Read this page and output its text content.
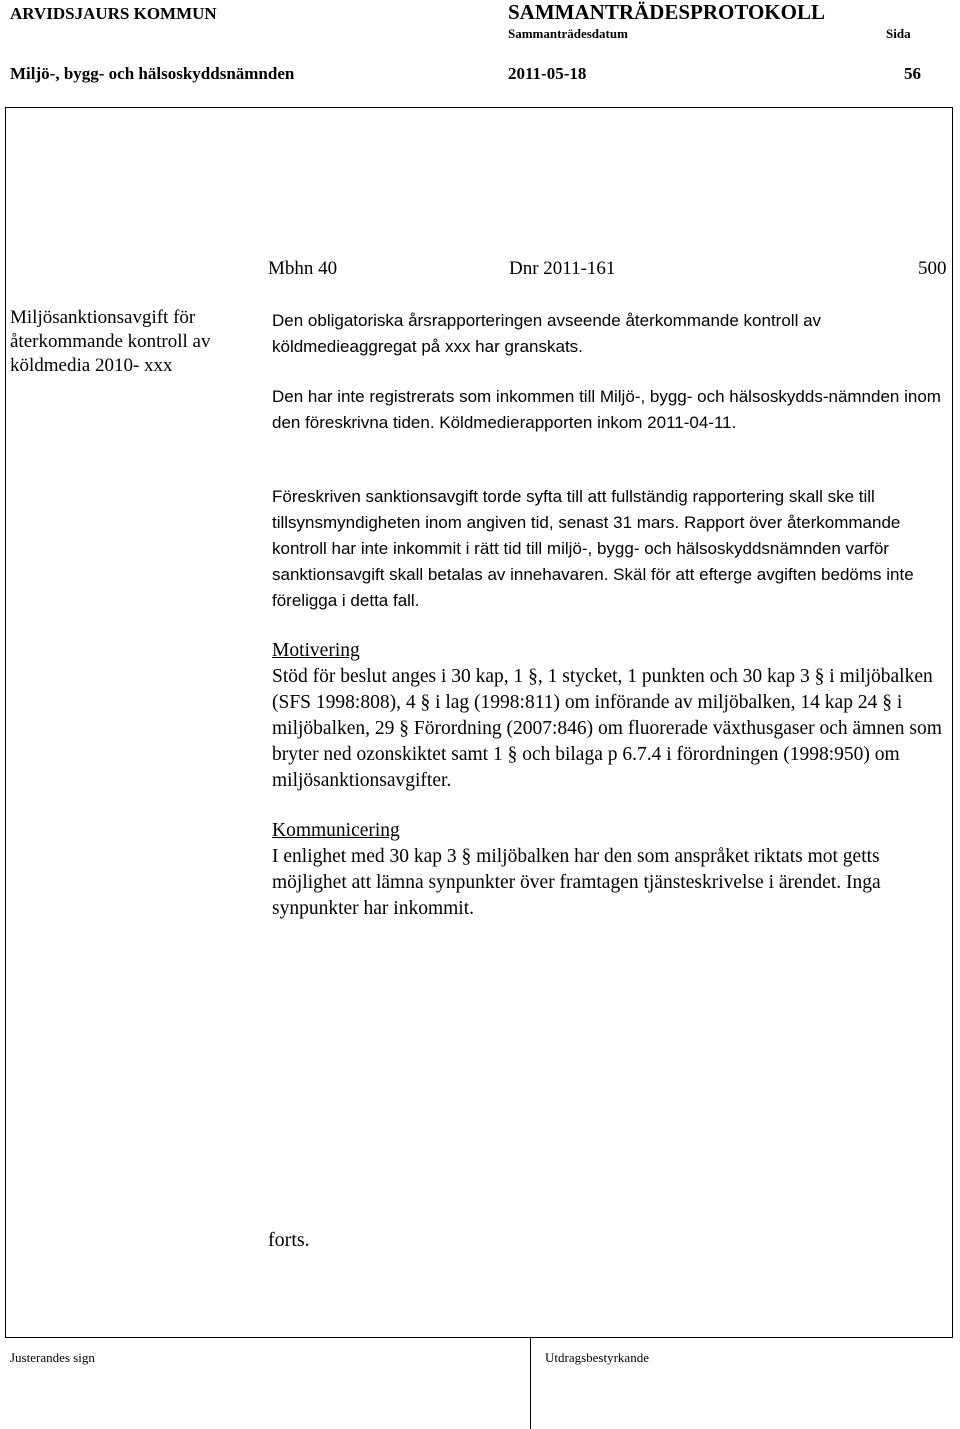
ARVIDSJAURS KOMMUN	SAMMANTRÄDESPROTOKOLL
Sammanträdesdatum	Sida
Miljö-, bygg- och hälsoskyddsnämnden	2011-05-18	56
Mbhn 40	Dnr 2011-161	500
Miljösanktionsavgift för
återkommande kontroll av
köldmedia 2010- xxx

Den obligatoriska årsrapporteringen avseende återkommande kontroll av köldmedieaggregat på xxx har granskats.

Den har inte registrerats som inkommen till Miljö-, bygg- och hälsoskydds-nämnden inom den föreskrivna tiden. Köldmedierapporten inkom 2011-04-11.

Föreskriven sanktionsavgift torde syfta till att fullständig rapportering skall ske till tillsynsmyndigheten inom angiven tid, senast 31 mars. Rapport över återkommande kontroll har inte inkommit i rätt tid till miljö-, bygg- och hälsoskyddsnämnden varför sanktionsavgift skall betalas av innehavaren. Skäl för att efterge avgiften bedöms inte föreligga i detta fall.

Motivering

Stöd för beslut anges i 30 kap, 1 §, 1 stycket, 1 punkten och 30 kap 3 § i miljöbalken (SFS 1998:808), 4 § i lag (1998:811) om införande av miljöbalken, 14 kap 24 § i miljöbalken, 29 § Förordning (2007:846) om fluorerade växthusgaser och ämnen som bryter ned ozonskiktet samt 1 § och bilaga p 6.7.4 i förordningen (1998:950) om miljösanktionsavgifter.

Kommunicering

I enlighet med 30 kap 3 § miljöbalken har den som anspråket riktats mot getts möjlighet att lämna synpunkter över framtagen tjänsteskrivelse i ärendet. Inga synpunkter har inkommit.

forts.
Justerandes sign	Utdragsbestyrkande
